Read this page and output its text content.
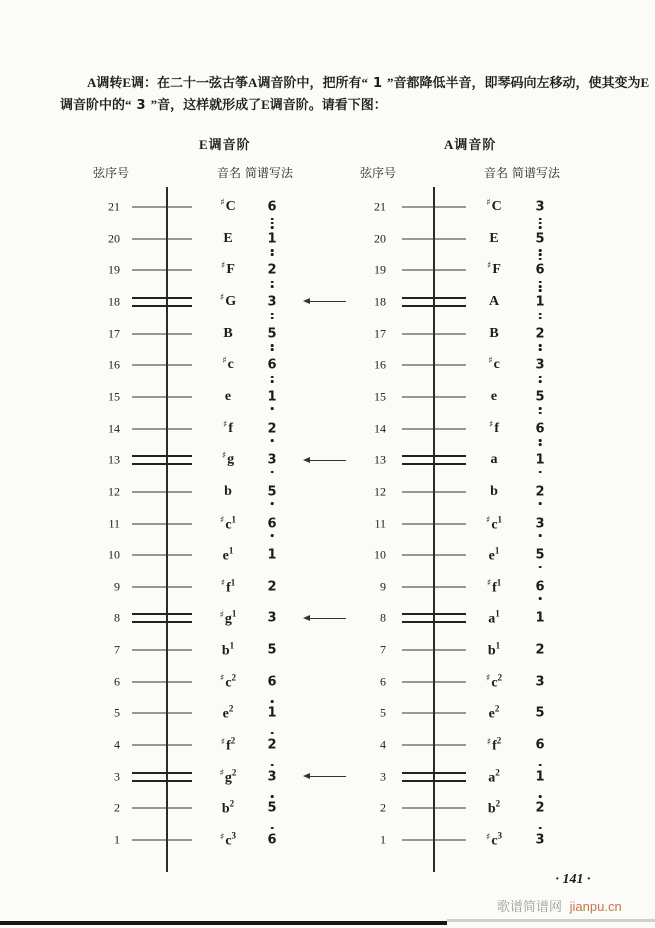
A调转E调：在二十一弦古筝A调音阶中，把所有“ 1 ”音都降低半音，即琴码向左移动，使其变为E
调音阶中的“ 3 ”音，这样就形成了E调音阶。请看下图：
E调音阶	A调音阶
弦序号	音名 简谱写法	弦序号	音名 简谱写法
21	♯C	6
20	E	1
19	♯F	2
18	♯G	3
17	B	5
16	♯c	6
15	e	1
14	♯f	2
13	♯g	3
12	b	5
11	$^♯c^1$	6
10	$e^1$	1
9	$^♯f^1$	2
8	$^♯g^1$	3
7	$b^1$	5
6	$^♯c^2$	6
5	$e^2$	1
4	$^♯f^2$	2
3	$^♯g^2$	3
2	$b^2$	5
1	$^♯c^3$	6
21	♯C	3
20	E	5
19	♯F	6
18	A	1
17	B	2
16	♯c	3
15	e	5
14	♯f	6
13	a	1
12	b	2
11	$^♯c^1$	3
10	$e^1$	5
9	$^♯f^1$	6
8	$a^1$	1
7	$b^1$	2
6	$^♯c^2$	3
5	$e^2$	5
4	$^♯f^2$	6
3	$a^2$	1
2	$b^2$	2
1	$^♯c^3$	3
· 141 ·
歌谱简谱网 jianpu.cn
